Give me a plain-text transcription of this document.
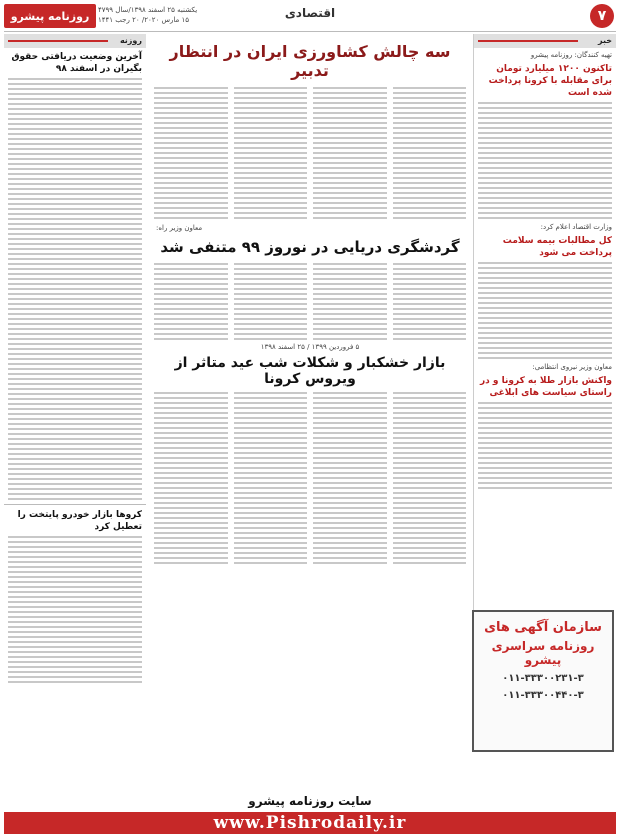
۷
اقتصادی
یکشنبه ۲۵ اسفند ۱۳۹۸/سال ۴۷۹۹
۱۵ مارس ۲۰۲۰/ ۲۰ رجب ۱۴۴۱
روزنامه پیشرو
خبر
تهیه کنندگان: روزنامه پیشرو
تاکنون ۱۲۰۰ میلیارد تومان برای مقابله با کرونا پرداخت شده است
وزارت اقتصاد اعلام کرد:
کل مطالبات بیمه سلامت پرداخت می شود
معاون وزیر نیروی انتظامی:
واکنش بازار طلا به کرونا و در راستای سیاست های ابلاغی
سه چالش کشاورزی ایران در انتظار تدبیر
معاون وزیر راه:
گردشگری دریایی در نوروز ۹۹ متنفی شد
۵ فروردین ۱۳۹۹ / ۲۵ اسفند ۱۳۹۸
بازار خشکبار و شکلات شب عید متاثر از ویروس کرونا
روزنه
آخرین وضعیت دریافتی حقوق بگیران در اسفند ۹۸
کروها بازار خودرو پایتخت را تعطیل کرد
سازمان آگهی های
روزنامه سراسری پیشرو
۰۱۱-۳۳۳۰۰۲۳۱-۳
۰۱۱-۳۳۳۰۰۴۴۰-۳
سایت روزنامه پیشرو
www.Pishrodaily.ir
